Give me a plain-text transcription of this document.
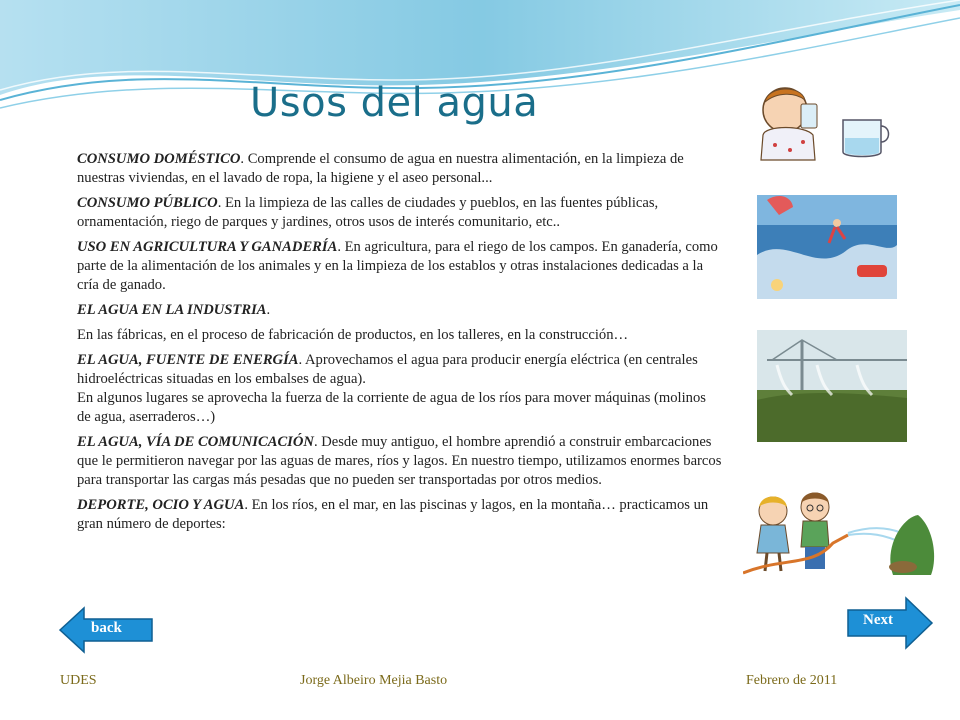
Usos del agua

CONSUMO DOMÉSTICO. Comprende el consumo de agua en nuestra alimentación, en la limpieza de nuestras viviendas, en el lavado de ropa, la higiene y el aseo personal...

CONSUMO PÚBLICO. En la limpieza de las calles de ciudades y pueblos, en las fuentes públicas, ornamentación, riego de parques y jardines, otros usos de interés comunitario, etc..

USO EN AGRICULTURA Y GANADERÍA. En agricultura, para el riego de los campos. En ganadería, como parte de la alimentación de los animales y en la limpieza de los establos y otras instalaciones dedicadas a la cría de ganado.

EL AGUA EN LA INDUSTRIA.

En las fábricas, en el proceso de fabricación de productos, en los talleres, en la construcción…

EL AGUA, FUENTE DE ENERGÍA. Aprovechamos el agua para producir energía eléctrica (en centrales hidroeléctricas situadas en los embalses de agua).
En algunos lugares se aprovecha la fuerza de la corriente de agua de los ríos para mover máquinas (molinos de agua, aserraderos…)

EL AGUA, VÍA DE COMUNICACIÓN. Desde muy antiguo, el hombre aprendió a construir embarcaciones que le permitieron navegar por las aguas de mares, ríos y lagos. En nuestro tiempo, utilizamos enormes barcos para transportar las cargas más pesadas que no pueden ser transportadas por otros medios.

DEPORTE, OCIO Y AGUA. En los ríos, en el mar, en las piscinas y lagos, en la montaña… practicamos un gran número de deportes:

back	Next
UDES	Jorge Albeiro Mejia Basto	Febrero de 2011
